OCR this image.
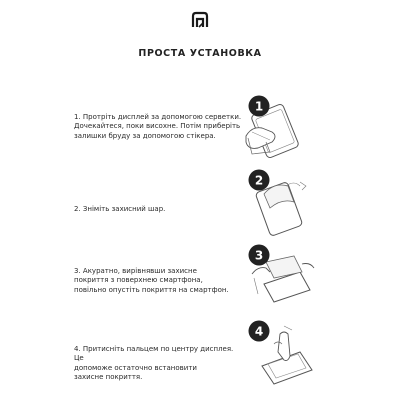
ПРОСТА УСТАНОВКА
1. Протріть дисплей за допомогою серветки.
Дочекайтеся, поки висохне. Потім приберіть
залишки бруду за допомогою стікера.
1
2. Зніміть захисний шар.
2
3. Акуратно, вирівнявши захисне
покриття з поверхнею смартфона,
повільно опустіть покриття на смартфон.
3
4. Притисніть пальцем по центру дисплея. Це
допоможе остаточно встановити
захисне покриття.
4
